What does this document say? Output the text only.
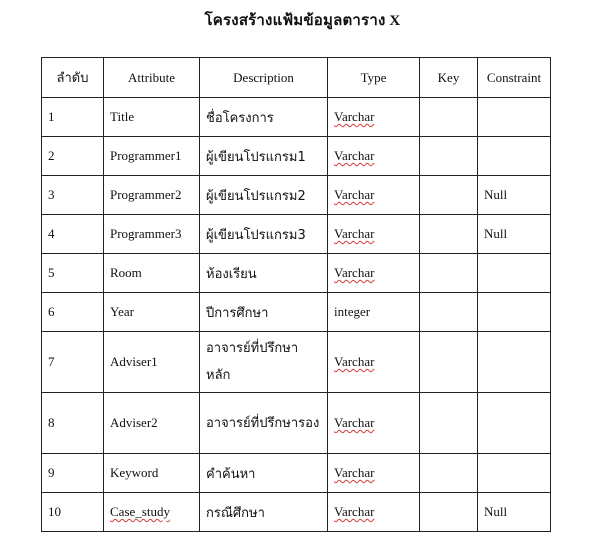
โครงสร้างแฟ้มข้อมูลตาราง X
ลำดับ	Attribute	Description	Type	Key	Constraint
1	Title	ชื่อโครงการ	Varchar		
2	Programmer1	ผู้เขียนโปรแกรม1	Varchar		
3	Programmer2	ผู้เขียนโปรแกรม2	Varchar		Null
4	Programmer3	ผู้เขียนโปรแกรม3	Varchar		Null
5	Room	ห้องเรียน	Varchar		
6	Year	ปีการศึกษา	integer		
7	Adviser1	อาจารย์ที่ปรึกษาหลัก	Varchar		
8	Adviser2	อาจารย์ที่ปรึกษารอง	Varchar		
9	Keyword	คำค้นหา	Varchar		
10	Case_study	กรณีศึกษา	Varchar		Null
